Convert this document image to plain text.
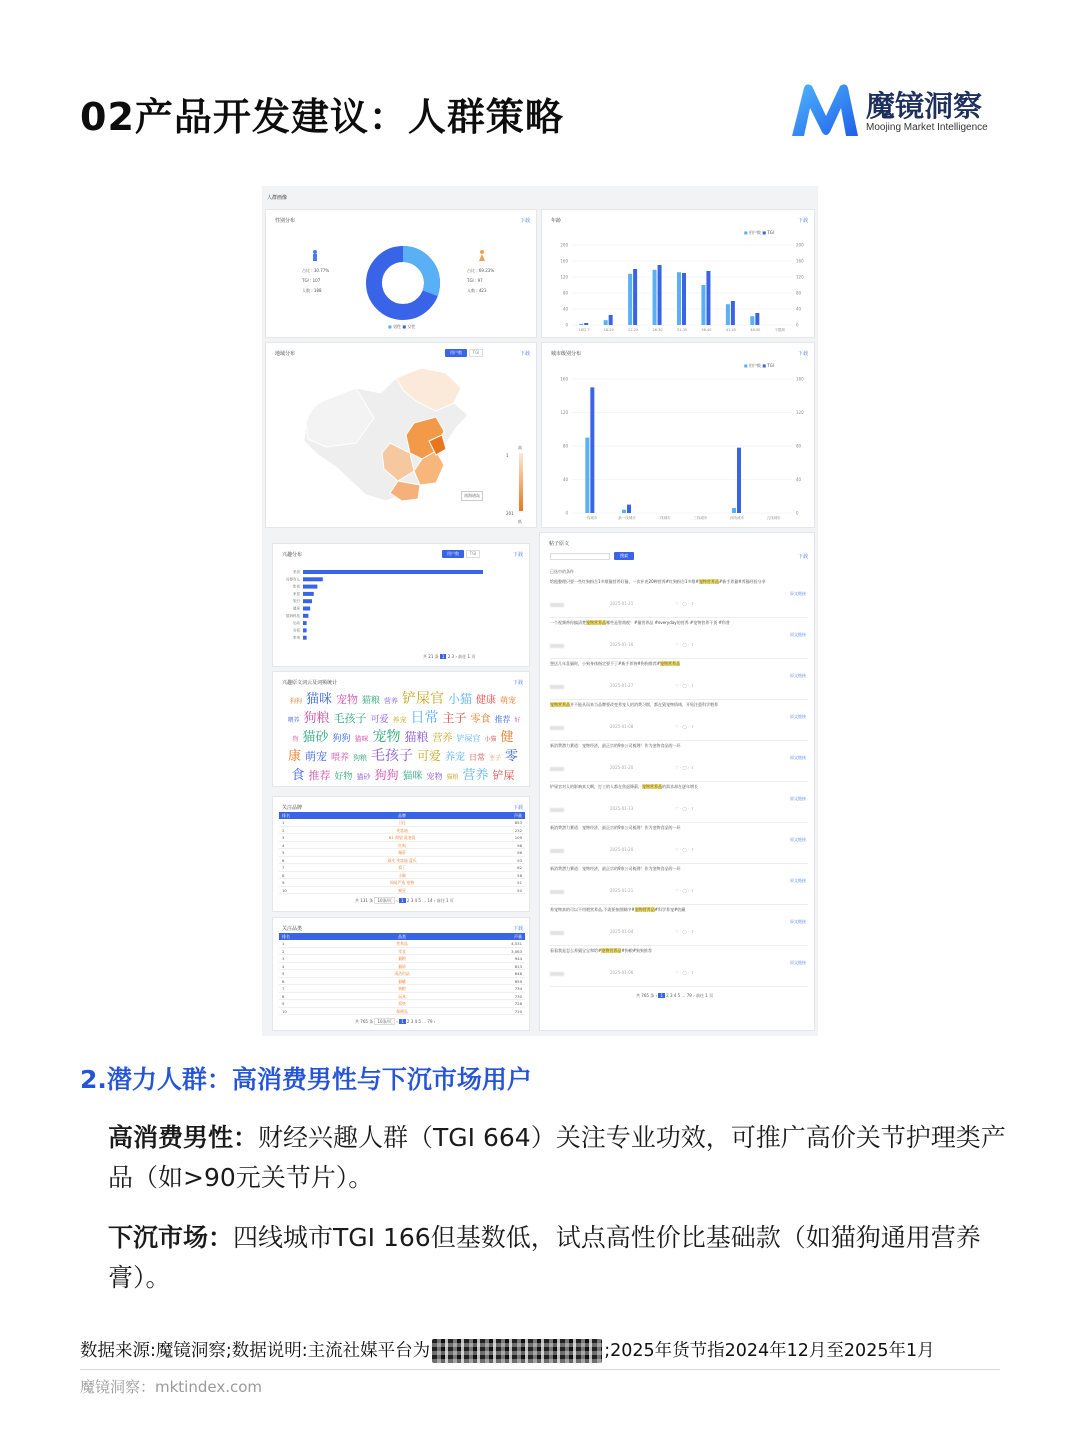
02产品开发建议：人群策略	魔镜洞察
Moojing Market Intelligence
人群画像
性别分布	下载
占比 : 30.77%
TGI : 107
人数 : 188
占比 : 69.23%
TGI : 97
人数 : 423
■ 男性 ■ 女性
年龄	下载
■ 用户数 ■ TGI
0	0
40	40
80	80
120	120
160	160
200	200
18以下	18-20	21-25	26-30	31-35	36-40	41-45	46-50	不限制
地域分布	用户数	TGI	下载
南海诸岛
高
1
201
低
城市级别分布	下载
■ 用户数 ■ TGI
0	0
40	40
80	80
120	120
160	160
一线城市	新一线城市	二线城市	三线城市	四线城市	五线城市
兴趣分布	用户数	TGI	下载
美食
母婴育儿
影视
家居
旅行
健身
数码科技
运动
穿搭
家电
共 21 条 1 2 3 › 前往 1 页
兴趣原文词云及词频统计	下载
狗狗 猫咪 宠物 猫粮 营养 铲屎官 小猫 健康 萌宠喂养 狗粮 毛孩子 可爱 养宠 日常 主子 零食 推荐 好物 猫砂 狗狗 猫咪 宠物 猫粮 营养 铲屎官 小猫 健康 萌宠 喂养 狗粮 毛孩子 可爱 养宠 日常 主子 零食 推荐 好物 猫砂 狗狗 猫咪 宠物 猫粮 营养 铲屎
关注品牌	下载
排名	品牌	声量
1	卫仕	653
2	麦富迪	232
3	N1 渴望 爱宠爱	109
4	红狗	98
5	佩蒂	96
6	顽皮 麦富迪 蓝氏	93
7	爱丁	62
8	小佩	58
9	网易严选 宠物	51
10	疯狂	50
共 131 条 10条/页 ‹ 1 2 3 4 5 … 14 › 前往 1 页
关注品类	下载
排名	品类	声量
1	营养品	4,531
2	零食	3,063
3	猫粮	944
4	猫砂	813
5	清洁用品	648
6	猫罐	659
7	狗粮	734
8	玩具	730
9	窝垫	728
10	保健品	710
共 765 条 10条/页 ‹ 1 2 3 4 5 … 79 ›
帖子原文
搜索	下载
已选中的条件
给他整理只要一些红狗粉合1多维猫营养好猫，一次补充20种营养#红狗粉合1多维#宠物营养品#新手养猫#养猫经验分享
2025-01-21	♡ · ◯ · ⇪
原文链接
一个视频带你搞清楚宠物营养品哪些是智商税！#猫营养品 #everyday的营养 #宠物营养干货 #科普
2025-01-16	♡ · ◯ · ⇪
原文链接
想送几年喜猫时，小狗身体指定要不了#新手养狗#狗狗推荐#宠物营养品
2025-01-27	♡ · ◯ · ⇪
原文链接
宠物营养品并不能从而来当品牌要改变养宠人的消费习惯，都在猜宠物情绪，开始注重科学喂养
2025-01-08	♡ · ◯ · ⇪
原文链接
新消费潜力赛道：宠物经济，最正宗的9家公司梳理！作为宠物食品的一环
2025-01-20	♡ · ◯ · ⇪
原文链接
铲屎官对人的影响真大啊，打工的人都在焦虑降薪，宠物营养品的需求却在逐年增长
2025-01-13	♡ · ◯ · ⇪
原文链接
新消费潜力赛道：宠物经济，最正宗的9家公司梳理！作为宠物食品的一环
2025-01-20	♡ · ◯ · ⇪
原文链接
新消费潜力赛道：宠物经济，最正宗的9家公司梳理！作为宠物食品的一环
2025-01-21	♡ · ◯ · ⇪
原文链接
养宠物真的可以不用喂营养品,不需要按照顺序#宠物营养品#科学养宠#收藏
2025-01-04	♡ · ◯ · ⇪
原文链接
看看我是怎么养猫宝宝和给#宠物营养品#狗粮#狗狗推荐
2025-01-06	♡ · ◯ · ⇪
原文链接
共 765 条 ‹ 1 2 3 4 5 … 79 › 前往 1 页
2.潜力人群：高消费男性与下沉市场用户
高消费男性：财经兴趣人群（TGI 664）关注专业功效，可推广高价关节护理类产品（如>90元关节片）。
下沉市场：四线城市TGI 166但基数低，试点高性价比基础款（如猫狗通用营养膏）。
数据来源:魔镜洞察;数据说明:主流社媒平台为	;2025年货节指2024年12月至2025年1月
魔镜洞察：mktindex.com
